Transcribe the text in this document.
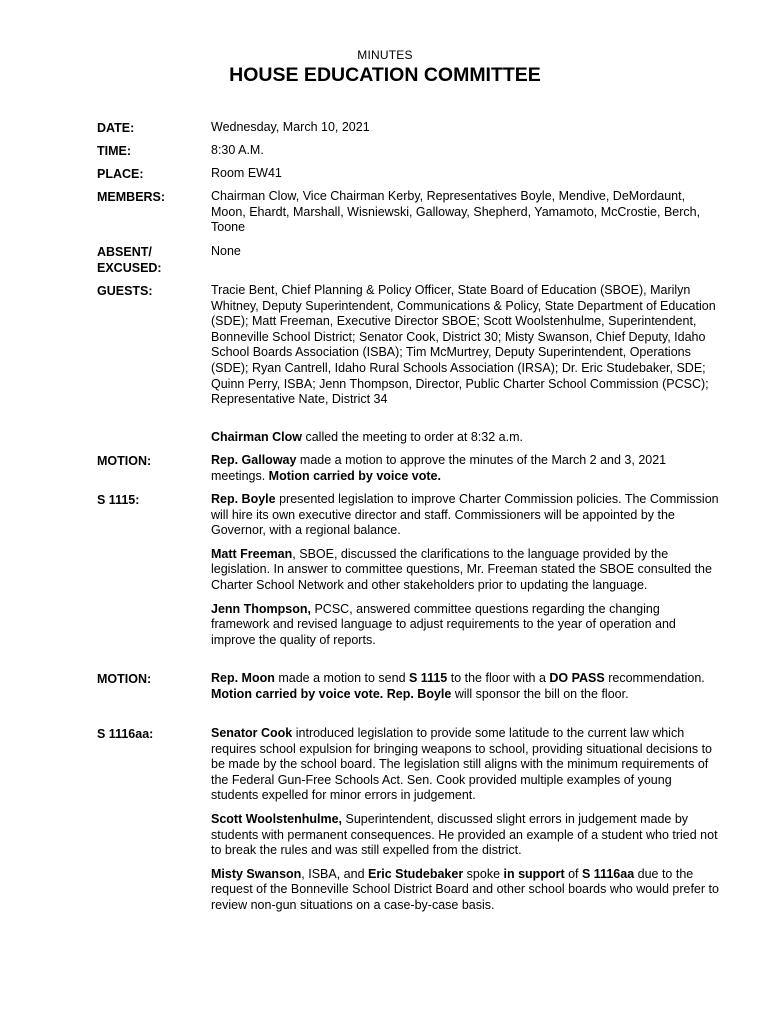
MINUTES
HOUSE EDUCATION COMMITTEE
DATE:	Wednesday, March 10, 2021
TIME:	8:30 A.M.
PLACE:	Room EW41
MEMBERS:	Chairman Clow, Vice Chairman Kerby, Representatives Boyle, Mendive, DeMordaunt, Moon, Ehardt, Marshall, Wisniewski, Galloway, Shepherd, Yamamoto, McCrostie, Berch, Toone
ABSENT/
EXCUSED:
None
GUESTS:	Tracie Bent, Chief Planning & Policy Officer, State Board of Education (SBOE), Marilyn Whitney, Deputy Superintendent, Communications & Policy, State Department of Education (SDE); Matt Freeman, Executive Director SBOE; Scott Woolstenhulme, Superintendent, Bonneville School District; Senator Cook, District 30; Misty Swanson, Chief Deputy, Idaho School Boards Association (ISBA); Tim McMurtrey, Deputy Superintendent, Operations (SDE); Ryan Cantrell, Idaho Rural Schools Association (IRSA); Dr. Eric Studebaker, SDE; Quinn Perry, ISBA; Jenn Thompson, Director, Public Charter School Commission (PCSC); Representative Nate, District 34

Chairman Clow called the meeting to order at 8:32 a.m.

MOTION:	Rep. Galloway made a motion to approve the minutes of the March 2 and 3, 2021 meetings. Motion carried by voice vote.

S 1115:	Rep. Boyle presented legislation to improve Charter Commission policies. The Commission will hire its own executive director and staff. Commissioners will be appointed by the Governor, with a regional balance.

Matt Freeman, SBOE, discussed the clarifications to the language provided by the legislation. In answer to committee questions, Mr. Freeman stated the SBOE consulted the Charter School Network and other stakeholders prior to updating the language.

Jenn Thompson, PCSC, answered committee questions regarding the changing framework and revised language to adjust requirements to the year of operation and improve the quality of reports.

MOTION:	Rep. Moon made a motion to send S 1115 to the floor with a DO PASS recommendation. Motion carried by voice vote. Rep. Boyle will sponsor the bill on the floor.

S 1116aa:	Senator Cook introduced legislation to provide some latitude to the current law which requires school expulsion for bringing weapons to school, providing situational decisions to be made by the school board. The legislation still aligns with the minimum requirements of the Federal Gun-Free Schools Act. Sen. Cook provided multiple examples of young students expelled for minor errors in judgement.

Scott Woolstenhulme, Superintendent, discussed slight errors in judgement made by students with permanent consequences. He provided an example of a student who tried not to break the rules and was still expelled from the district.

Misty Swanson, ISBA, and Eric Studebaker spoke in support of S 1116aa due to the request of the Bonneville School District Board and other school boards who would prefer to review non-gun situations on a case-by-case basis.
